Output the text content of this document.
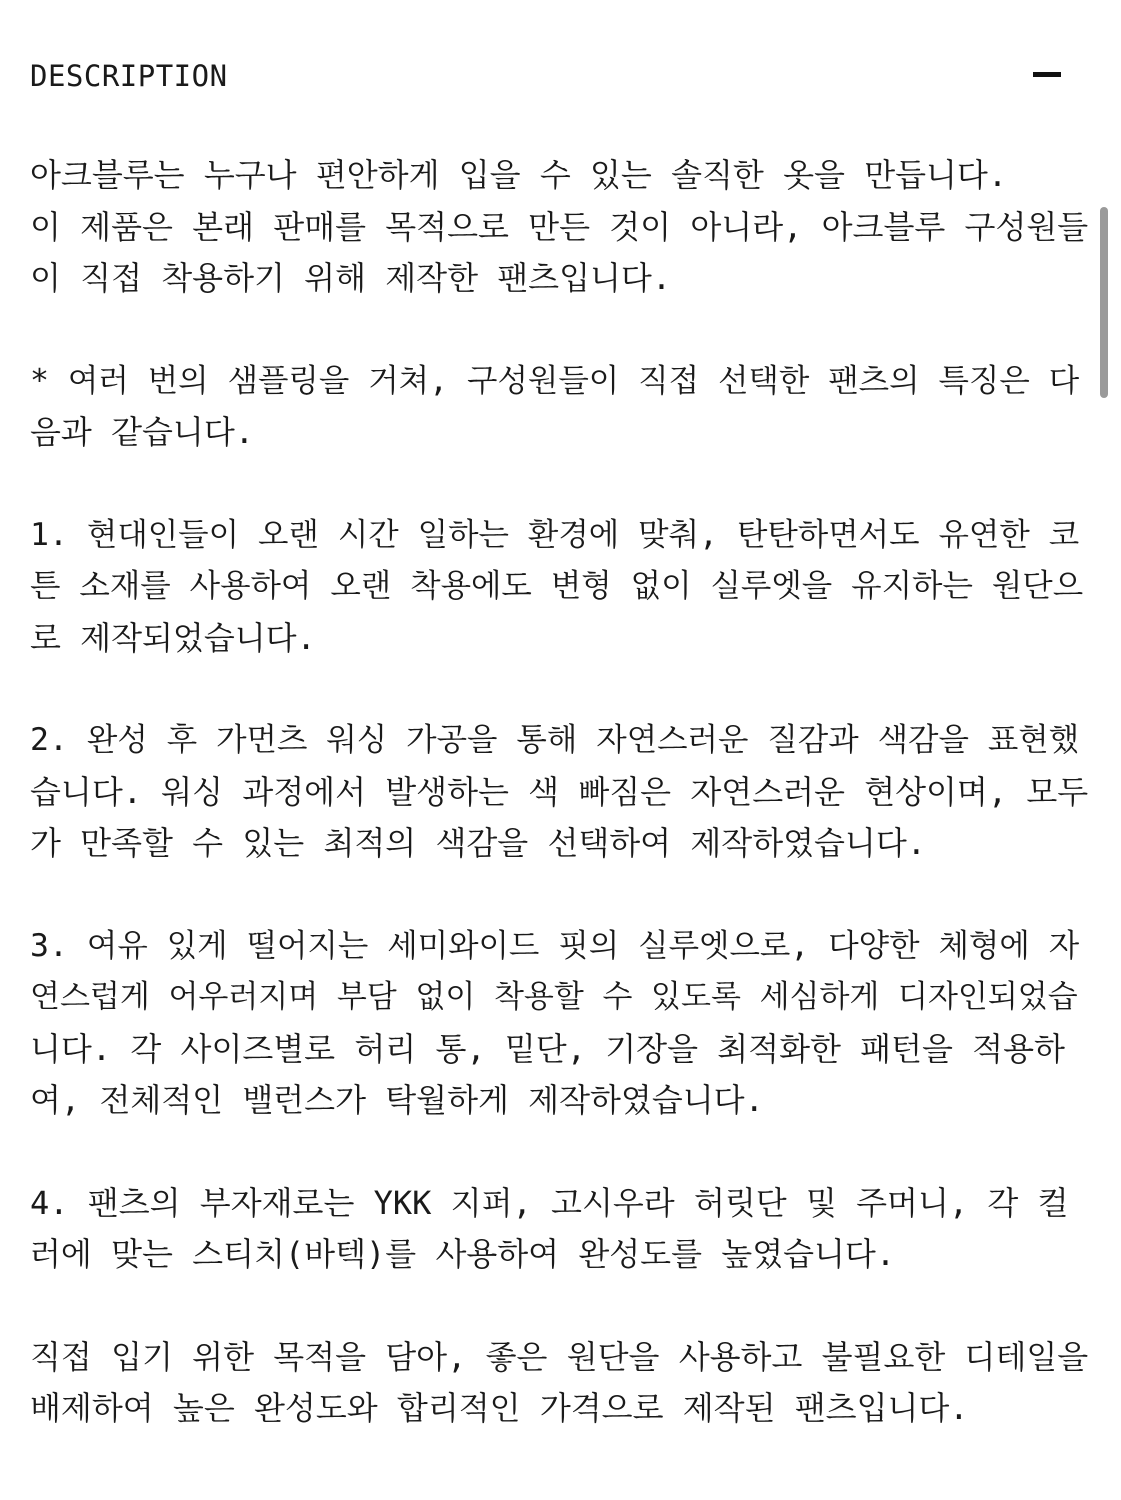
DESCRIPTION
아크블루는 누구나 편안하게 입을 수 있는 솔직한 옷을 만듭니다.
이 제품은 본래 판매를 목적으로 만든 것이 아니라, 아크블루 구성원들
이 직접 착용하기 위해 제작한 팬츠입니다.
* 여러 번의 샘플링을 거쳐, 구성원들이 직접 선택한 팬츠의 특징은 다
음과 같습니다.
1. 현대인들이 오랜 시간 일하는 환경에 맞춰, 탄탄하면서도 유연한 코
튼 소재를 사용하여 오랜 착용에도 변형 없이 실루엣을 유지하는 원단으
로 제작되었습니다.
2. 완성 후 가먼츠 워싱 가공을 통해 자연스러운 질감과 색감을 표현했
습니다. 워싱 과정에서 발생하는 색 빠짐은 자연스러운 현상이며, 모두
가 만족할 수 있는 최적의 색감을 선택하여 제작하였습니다.
3. 여유 있게 떨어지는 세미와이드 핏의 실루엣으로, 다양한 체형에 자
연스럽게 어우러지며 부담 없이 착용할 수 있도록 세심하게 디자인되었습
니다. 각 사이즈별로 허리 통, 밑단, 기장을 최적화한 패턴을 적용하
여, 전체적인 밸런스가 탁월하게 제작하였습니다.
4. 팬츠의 부자재로는 YKK 지퍼, 고시우라 허릿단 및 주머니, 각 컬
러에 맞는 스티치(바텍)를 사용하여 완성도를 높였습니다.
직접 입기 위한 목적을 담아, 좋은 원단을 사용하고 불필요한 디테일을
배제하여 높은 완성도와 합리적인 가격으로 제작된 팬츠입니다.
